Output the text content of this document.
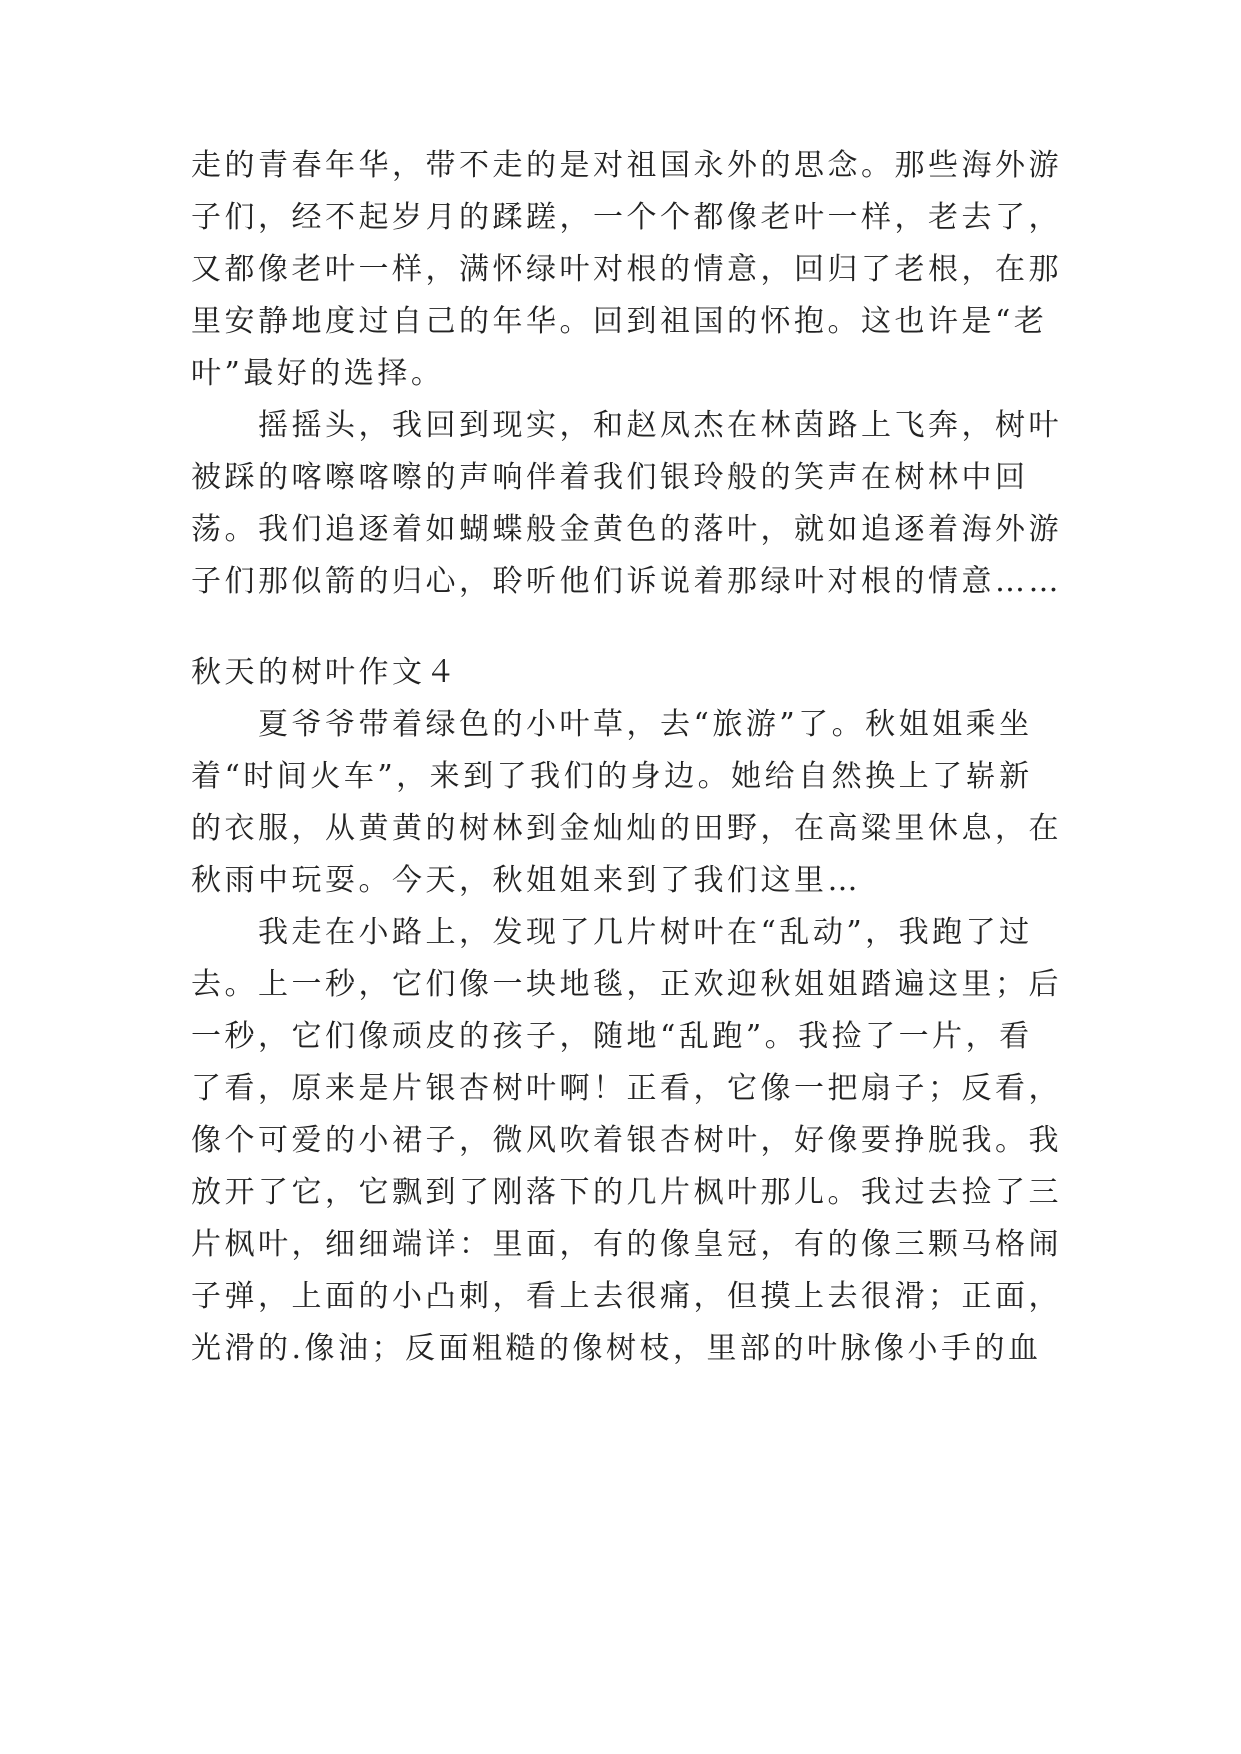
走的青春年华，带不走的是对祖国永外的思念。那些海外游
子们，经不起岁月的蹂蹉，一个个都像老叶一样，老去了，
又都像老叶一样，满怀绿叶对根的情意，回归了老根，在那
里安静地度过自己的年华。回到祖国的怀抱。这也许是“老
叶”最好的选择。
　　摇摇头，我回到现实，和赵凤杰在林茵路上飞奔，树叶
被踩的喀嚓喀嚓的声响伴着我们银玲般的笑声在树林中回
荡。我们追逐着如蝴蝶般金黄色的落叶，就如追逐着海外游
子们那似箭的归心，聆听他们诉说着那绿叶对根的情意……
秋天的树叶作文４
　　夏爷爷带着绿色的小叶草，去“旅游”了。秋姐姐乘坐
着“时间火车”，来到了我们的身边。她给自然换上了崭新
的衣服，从黄黄的树林到金灿灿的田野，在高粱里休息，在
秋雨中玩耍。今天，秋姐姐来到了我们这里…
　　我走在小路上，发现了几片树叶在“乱动”，我跑了过
去。上一秒，它们像一块地毯，正欢迎秋姐姐踏遍这里；后
一秒，它们像顽皮的孩子，随地“乱跑”。我捡了一片，看
了看，原来是片银杏树叶啊！正看，它像一把扇子；反看，
像个可爱的小裙子，微风吹着银杏树叶，好像要挣脱我。我
放开了它，它飘到了刚落下的几片枫叶那儿。我过去捡了三
片枫叶，细细端详：里面，有的像皇冠，有的像三颗马格闹
子弹，上面的小凸刺，看上去很痛，但摸上去很滑；正面，
光滑的.像油；反面粗糙的像树枝，里部的叶脉像小手的血
